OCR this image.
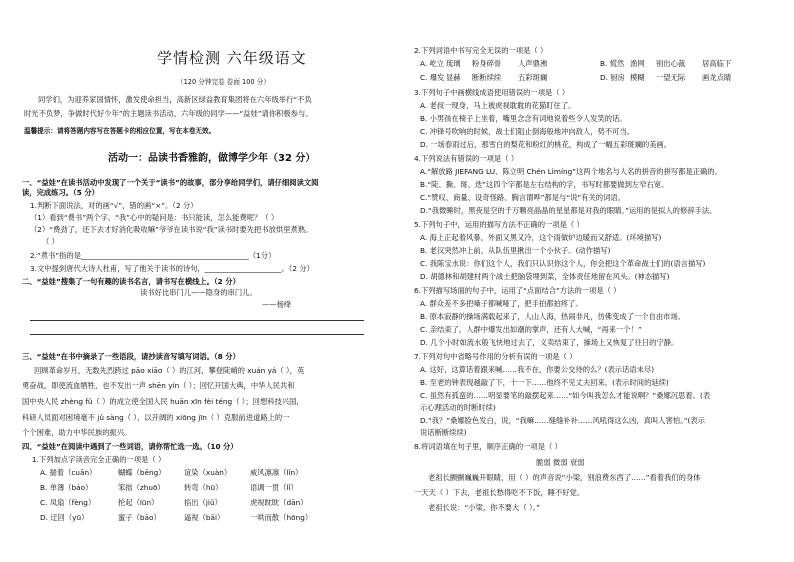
学情检测 六年级语文
（120 分钟完卷 卷面 100 分）
同学们，为迎养家国情怀，激发使命担当，高新区绿益教育集团将在六年级举行“不负
时光不负梦，争做时代好少年”的主题读书活动，六年级的同学——“益娃”请你积极参与。
温馨提示：请将答题内容写在答题卡的相应位置，写在本卷无效。
活动一：品读书香雅韵，做博学少年（32 分）
一、“益娃”在读书活动中发现了一个关于“读书”的故事，部分享给同学们，请仔细阅读文阅
读，完成练习。（5 分）
1.判断下面说法，对的画“√”，错的画“×”。（2 分）
（1）看到“费书”两个字，“我”心中的疑问是：书只能读，怎么能费呢？（ ）
（2）“费劲了，还下去才好消化吸收嘛”爷爷在读书说“我”读书时要先把书放烘里煮熟。
（ ）
2.“煮书”指的是______________________________________________（1分）
3.文中提到唐代大诗人杜甫，写了他关于读书的诗句，_____________________。（2 分）
二、“益娃”搜集了一句有趣的读书名言，请书写在横线上。（2 分）
读书好比串门儿——隐身的串门儿。
——杨绛
三、“益娃”在书中摘录了一些语段，请抄读音写填写词语。（8 分）
回顾革命岁月，无数先烈跨过 pāo xiāo（ ）的江河，攀登陡峭的 xuán yá（ ），英
勇奋战，即使流血牺牲，也不发出一声 shēn yín（ ）；回忆开国大典，中华人民共和
国中央人民 zhèng fǔ（ ）的成立使全国人民 huān xīn fèi téng（ ）；回想科技兴国，
科研人员面对困境毫不 jǔ sàng（ ），以开阔的 xiōng jīn（ ）克服前进道路上的一
个个困难，助力中华民族的振兴。
四、“益娃”在阅读中遇到了一些词语，请你帮忙选一选。（10 分）
1.下列加点字读音完全正确的一项是（ ）
A. 揣着（cuān）	蝴蝶（bēng）	谊染（xuàn）	威风凛凛（lǐn）
B. 单薄（báo）	笨拙（zhuō）	转弯（hū）	语调一贯（lǐ）
C. 凤扇（fèng）	抡起（lūn）	掐出（jiǔ）	虎视眈眈（dān）
D. 迂回（yū）	蜜子（bāo）	逼视（bāi）	一哄而散（hōng）
2.下列词语中书写完全无误的一项是（ ）
A. 屹立 琉璃	粉身碎骨	人声鼎沸	B. 慌然 渔网	别出心裁	居高临下
C. 爆发 显赫	断断续续	五彩斑斓	D. 厨房 模糊	一望无际	画龙点睛
3.下列句子中画横线成语使用错误的一项是（ ）
A. 老叔一现身，马上被虎视耽耽的花猫盯住了。
B. 小男孩在椅子上坐着，嘴里念念有词地说着些令人发笑的话。
C. 冲锋号吹响的时候，战士们阻止倒海般地冲向敌人，势不可当。
D. 一场春雨过后，那雪白的梨花和粉红的桃花，构成了一幅五彩斑斓的美画。
4.下列说法有错误的一项是（ ）
A.“解放路 JIEFANG LU、陈立明 Chén Lìmíng”这两个地名与人名的拼音的拼写都是正确的。
B.“陡、撕、斑、迭”这四个字都是左右结构的字，书写时都要做到左窄右宽。
C.“赞叹、商量、设奇怪路、胸言谓哗”都是与“说”有关的词语。
D.“我微睡时，黑夜是空的千万颗亮晶晶的星星都是对我的眼睛。”运用的是拟人的修辞手法。
5.下列句子中，运用的描写方法不正确的一项是（ ）
A. 海上正起着风暴，外面又黑又冷，这个雨做炉边暖而又舒适。(环境描写)
B. 老汉突然冲上前，从队伍里揪出一个小伙子。(动作描写)
C. 我陈宝水说：你们这个人，我们只认识你这个人，你会把这个革命战士们的(语言描写)
D. 胡德林和胡建村两个战士把脑袋埋到菜，全体责任地留在风头。(神态描写)
6.下列描写场面的句子中，运用了“点面结合”方法的一项是（ ）
A. 群众差不多把嗓子都喊哑了，把手拍都拍疼了。
B. 原本寂静的操场满载起来了，人山人海，热闹非凡，仿佛变成了一个自由市场。
C. 亲结束了，人群中爆发出如潮的掌声，还有人大喊，“再来一个！”
D. 几个小时如流水般飞快地过去了，义卖结束了，操场上又恢复了往日的宁静。
7.下列对句中省略号作用的分析有误的一项是（ ）
A. 这好，这算话着跟来喊……我不在，你要公交待的么？(表示话语未尽)
B. 至老的钟表现越敲了下，十一下……他终不见丈夫回来。(表示时间的延续)
C. 虽然有孤蛮的……明显要笔的敲摆起来……“如今叫我怎么才能说啊？”桑娜沉思着。(表
示心理活动的时断时续)
D.“我？”桑娜脸色发白，说，“我嘛……缝缝补补……风吼得这么凶，真叫人害怕。”(表示
说话断断续续)
8.将词语填在句子里，顺序正确的一项是（ ）
脆弱 微弱 衰弱
老祖长颤颤巍巍开眼睛，用（ ）的声音说“小梁，别浪费东西了……”看着我们的身体
一天天（ ）下去，老祖长愁得吃不下饭，睡不好觉。
老祖长说：“小梁，你不要大（ ）。”
